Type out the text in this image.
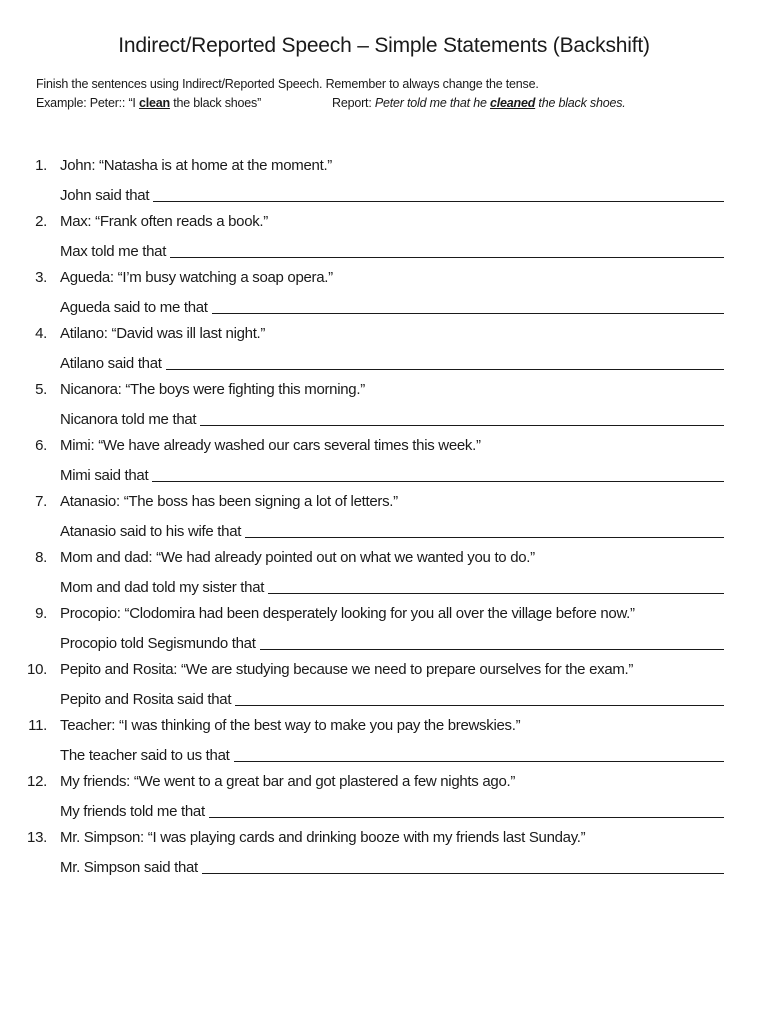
Indirect/Reported Speech – Simple Statements (Backshift)
Finish the sentences using Indirect/Reported Speech. Remember to always change the tense.
Example: Peter:: “I clean the black shoes”	Report: Peter told me that he cleaned the black shoes.
1. John: “Natasha is at home at the moment.”
John said that
2. Max: “Frank often reads a book.”
Max told me that
3. Agueda: “I’m busy watching a soap opera.”
Agueda said to me that
4. Atilano: “David was ill last night.”
Atilano said that
5. Nicanora: “The boys were fighting this morning.”
Nicanora told me that
6. Mimi: “We have already washed our cars several times this week.”
Mimi said that
7. Atanasio: “The boss has been signing a lot of letters.”
Atanasio said to his wife that
8. Mom and dad: “We had already pointed out on what we wanted you to do.”
Mom and dad told my sister that
9. Procopio: “Clodomira had been desperately looking for you all over the village before now.”
Procopio told Segismundo that
10. Pepito and Rosita: “We are studying because we need to prepare ourselves for the exam.”
Pepito and Rosita said that
11. Teacher: “I was thinking of the best way to make you pay the brewskies.”
The teacher said to us that
12. My friends: “We went to a great bar and got plastered a few nights ago.”
My friends told me that
13. Mr. Simpson: “I was playing cards and drinking booze with my friends last Sunday.”
Mr. Simpson said that
